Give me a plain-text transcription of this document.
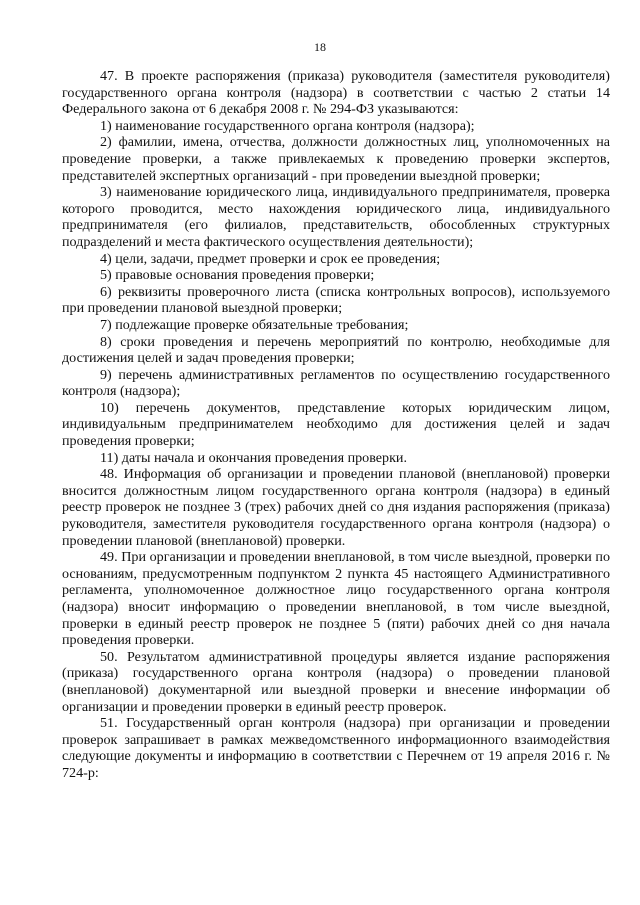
18

47. В проекте распоряжения (приказа) руководителя (заместителя руководителя) государственного органа контроля (надзора) в соответствии с частью 2 статьи 14 Федерального закона от 6 декабря 2008 г. № 294-ФЗ указываются:

1) наименование государственного органа контроля (надзора);

2) фамилии, имена, отчества, должности должностных лиц, уполномоченных на проведение проверки, а также привлекаемых к проведению проверки экспертов, представителей экспертных организаций - при проведении выездной проверки;

3) наименование юридического лица, индивидуального предпринимателя, проверка которого проводится, место нахождения юридического лица, индивидуального предпринимателя (его филиалов, представительств, обособленных структурных подразделений и места фактического осуществления деятельности);

4) цели, задачи, предмет проверки и срок ее проведения;

5) правовые основания проведения проверки;

6) реквизиты проверочного листа (списка контрольных вопросов), используемого при проведении плановой выездной проверки;

7) подлежащие проверке обязательные требования;

8) сроки проведения и перечень мероприятий по контролю, необходимые для достижения целей и задач проведения проверки;

9) перечень административных регламентов по осуществлению государственного контроля (надзора);

10) перечень документов, представление которых юридическим лицом, индивидуальным предпринимателем необходимо для достижения целей и задач проведения проверки;

11) даты начала и окончания проведения проверки.

48. Информация об организации и проведении плановой (внеплановой) проверки вносится должностным лицом государственного органа контроля (надзора) в единый реестр проверок не позднее 3 (трех) рабочих дней со дня издания распоряжения (приказа) руководителя, заместителя руководителя государственного органа контроля (надзора) о проведении плановой (внеплановой) проверки.

49. При организации и проведении внеплановой, в том числе выездной, проверки по основаниям, предусмотренным подпунктом 2 пункта 45 настоящего Административного регламента, уполномоченное должностное лицо государственного органа контроля (надзора) вносит информацию о проведении внеплановой, в том числе выездной, проверки в единый реестр проверок не позднее 5 (пяти) рабочих дней со дня начала проведения проверки.

50. Результатом административной процедуры является издание распоряжения (приказа) государственного органа контроля (надзора) о проведении плановой (внеплановой) документарной или выездной проверки и внесение информации об организации и проведении проверки в единый реестр проверок.

51. Государственный орган контроля (надзора) при организации и проведении проверок запрашивает в рамках межведомственного информационного взаимодействия следующие документы и информацию в соответствии с Перечнем от 19 апреля 2016 г. № 724-р:
